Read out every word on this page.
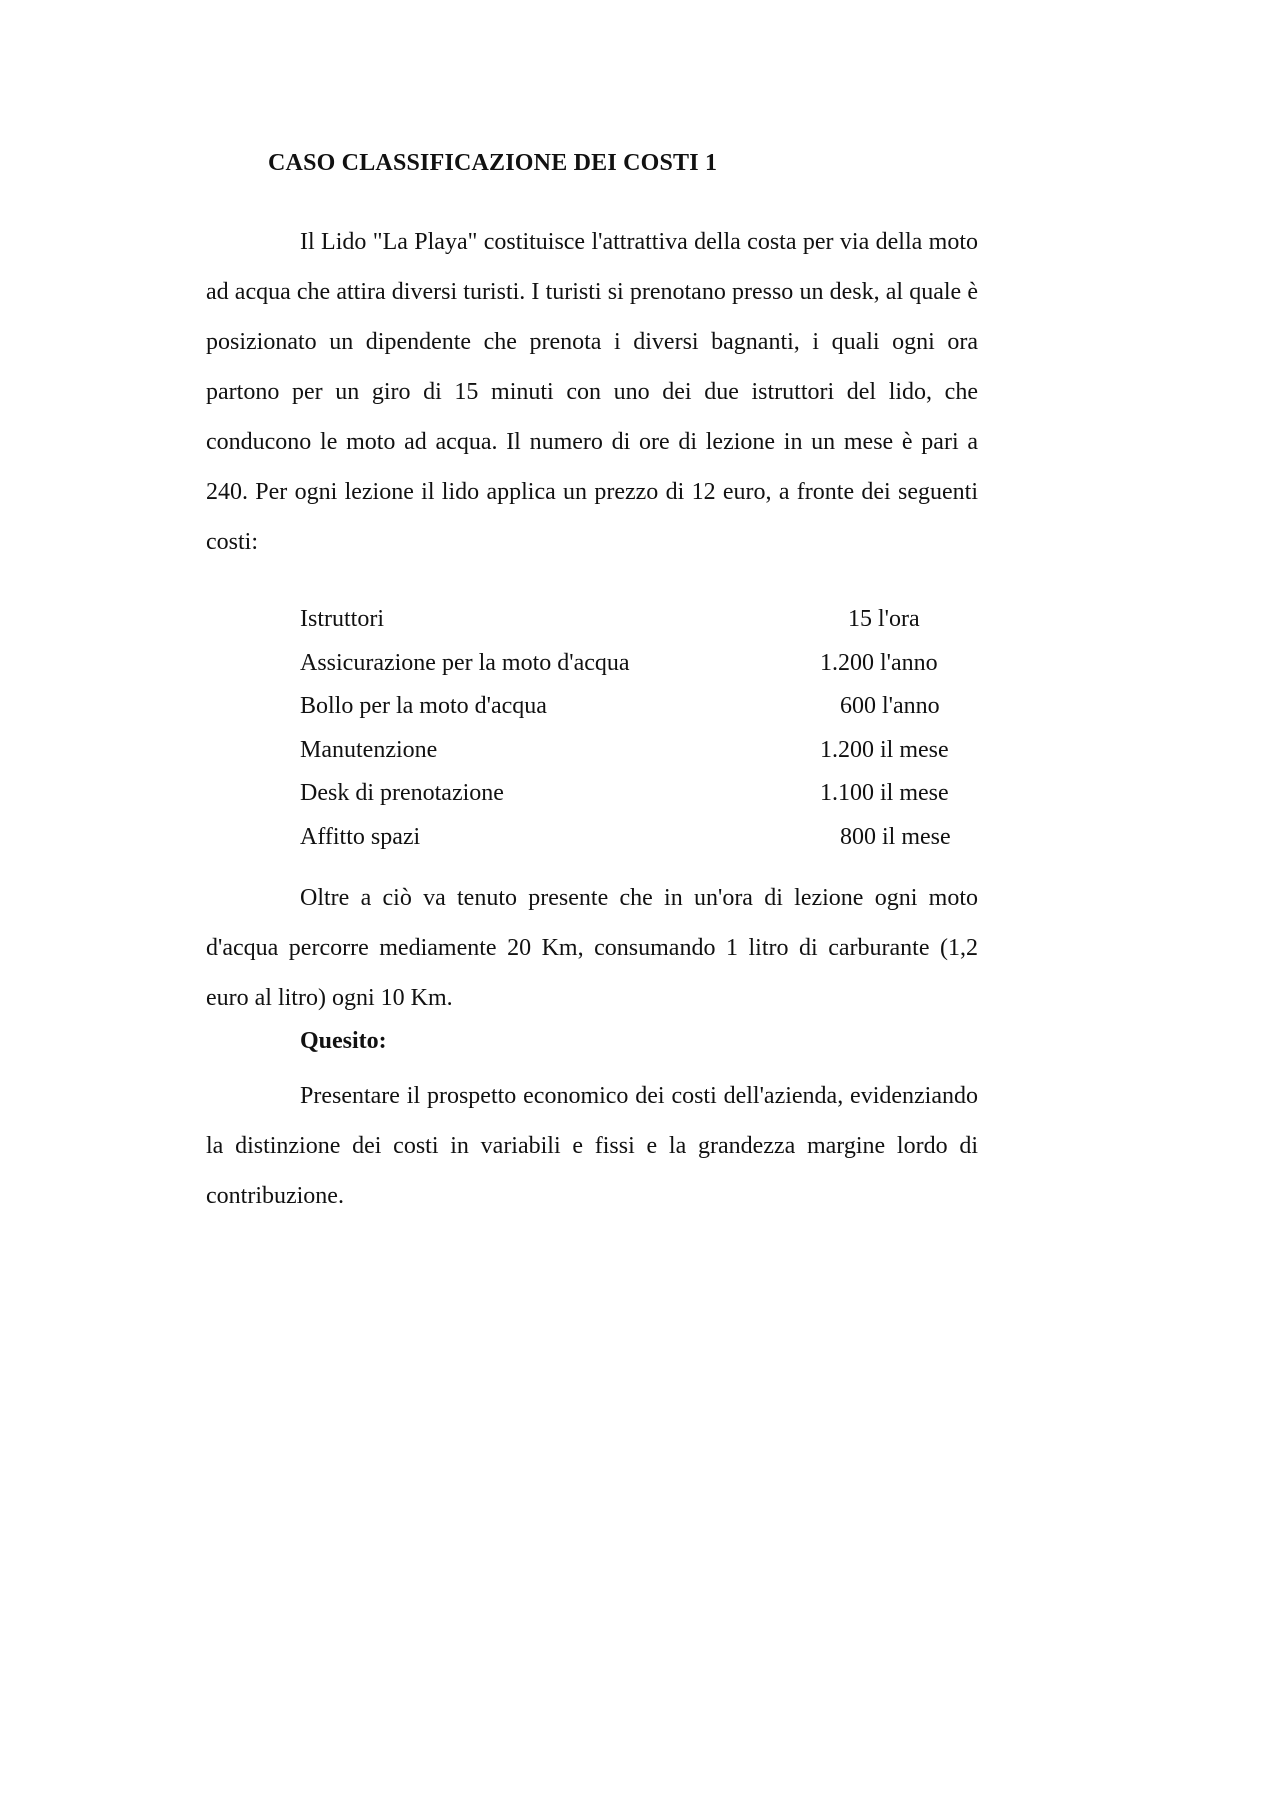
CASO CLASSIFICAZIONE DEI COSTI 1

Il Lido "La Playa" costituisce l'attrattiva della costa per via della moto ad acqua che attira diversi turisti. I turisti si prenotano presso un desk, al quale è posizionato un dipendente che prenota i diversi bagnanti, i quali ogni ora partono per un giro di 15 minuti con uno dei due istruttori del lido, che conducono le moto ad acqua. Il numero di ore di lezione in un mese è pari a 240. Per ogni lezione il lido applica un prezzo di 12 euro, a fronte dei seguenti costi:

Istruttori	15 l'ora
Assicurazione per la moto d'acqua	1.200 l'anno
Bollo per la moto d'acqua	600 l'anno
Manutenzione	1.200 il mese
Desk di prenotazione	1.100 il mese
Affitto spazi	800 il mese

Oltre a ciò va tenuto presente che in un'ora di lezione ogni moto d'acqua percorre mediamente 20 Km, consumando 1 litro di carburante (1,2 euro al litro) ogni 10 Km.

Quesito:

Presentare il prospetto economico dei costi dell'azienda, evidenziando la distinzione dei costi in variabili e fissi e la grandezza margine lordo di contribuzione.
